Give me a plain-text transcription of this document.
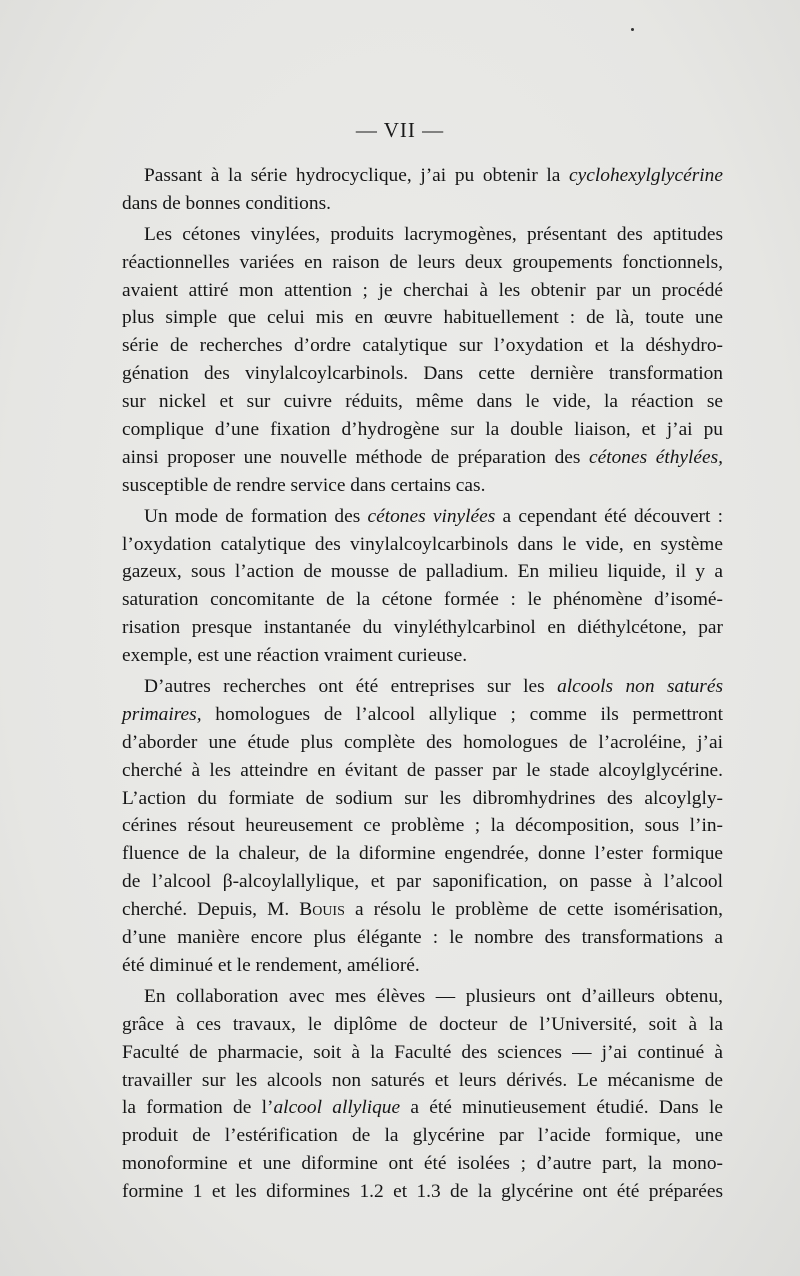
— VII —
Passant à la série hydrocyclique, j’ai pu obtenir la cyclohexylglycérine
dans de bonnes conditions.
Les cétones vinylées, produits lacrymogènes, présentant des aptitudes
réactionnelles variées en raison de leurs deux groupements fonctionnels,
avaient attiré mon attention ; je cherchai à les obtenir par un procédé
plus simple que celui mis en œuvre habituellement : de là, toute une
série de recherches d’ordre catalytique sur l’oxydation et la déshydro-
génation des vinylalcoylcarbinols. Dans cette dernière transformation
sur nickel et sur cuivre réduits, même dans le vide, la réaction se
complique d’une fixation d’hydrogène sur la double liaison, et j’ai pu
ainsi proposer une nouvelle méthode de préparation des cétones éthylées,
susceptible de rendre service dans certains cas.
Un mode de formation des cétones vinylées a cependant été découvert :
l’oxydation catalytique des vinylalcoylcarbinols dans le vide, en système
gazeux, sous l’action de mousse de palladium. En milieu liquide, il y a
saturation concomitante de la cétone formée : le phénomène d’isomé-
risation presque instantanée du vinyléthylcarbinol en diéthylcétone, par
exemple, est une réaction vraiment curieuse.
D’autres recherches ont été entreprises sur les alcools non saturés
primaires, homologues de l’alcool allylique ; comme ils permettront
d’aborder une étude plus complète des homologues de l’acroléine, j’ai
cherché à les atteindre en évitant de passer par le stade alcoylglycérine.
L’action du formiate de sodium sur les dibromhydrines des alcoylgly-
cérines résout heureusement ce problème ; la décomposition, sous l’in-
fluence de la chaleur, de la diformine engendrée, donne l’ester formique
de l’alcool β-alcoylallylique, et par saponification, on passe à l’alcool
cherché. Depuis, M. Bouis a résolu le problème de cette isomérisation,
d’une manière encore plus élégante : le nombre des transformations a
été diminué et le rendement, amélioré.
En collaboration avec mes élèves — plusieurs ont d’ailleurs obtenu,
grâce à ces travaux, le diplôme de docteur de l’Université, soit à la
Faculté de pharmacie, soit à la Faculté des sciences — j’ai continué à
travailler sur les alcools non saturés et leurs dérivés. Le mécanisme de
la formation de l’alcool allylique a été minutieusement étudié. Dans le
produit de l’estérification de la glycérine par l’acide formique, une
monoformine et une diformine ont été isolées ; d’autre part, la mono-
formine 1 et les diformines 1.2 et 1.3 de la glycérine ont été préparées
